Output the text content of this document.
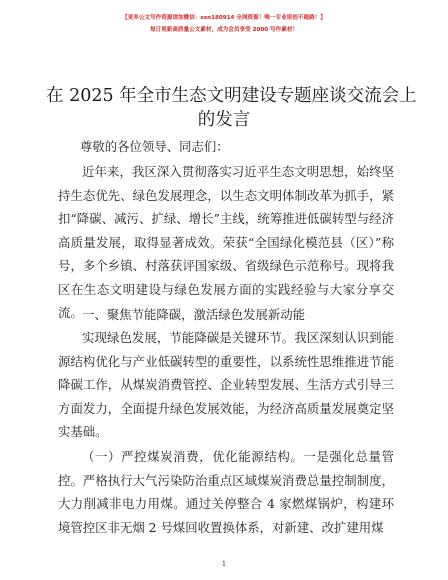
【更多公文写作资源请加微信：ssn180914 全网资源！唯一专业原创不跑路！】
每日更新高质量公文素材，成为会员享受 2000 写作素材！
在 2025 年全市生态文明建设专题座谈交流会上
的发言
尊敬的各位领导、同志们：
近年来，我区深入贯彻落实习近平生态文明思想，始终坚持生态优先、绿色发展理念，以生态文明体制改革为抓手，紧扣“降碳、减污、扩绿、增长”主线，统筹推进低碳转型与经济高质量发展，取得显著成效。荣获“全国绿化模范县（区）”称号，多个乡镇、村落获评国家级、省级绿色示范称号。现将我区在生态文明建设与绿色发展方面的实践经验与大家分享交流。 一、聚焦节能降碳，激活绿色发展新动能
实现绿色发展，节能降碳是关键环节。我区深刻认识到能源结构优化与产业低碳转型的重要性，以系统性思维推进节能降碳工作，从煤炭消费管控、企业转型发展、生活方式引导三方面发力，全面提升绿色发展效能，为经济高质量发展奠定坚实基础。
（一）严控煤炭消费，优化能源结构。一是强化总量管控。严格执行大气污染防治重点区域煤炭消费总量控制制度，大力削减非电力用煤。通过关停整合 4 家燃煤锅炉，构建环境管控区非无烟 2 号煤回收置换体系，对新建、改扩建用煤
1
